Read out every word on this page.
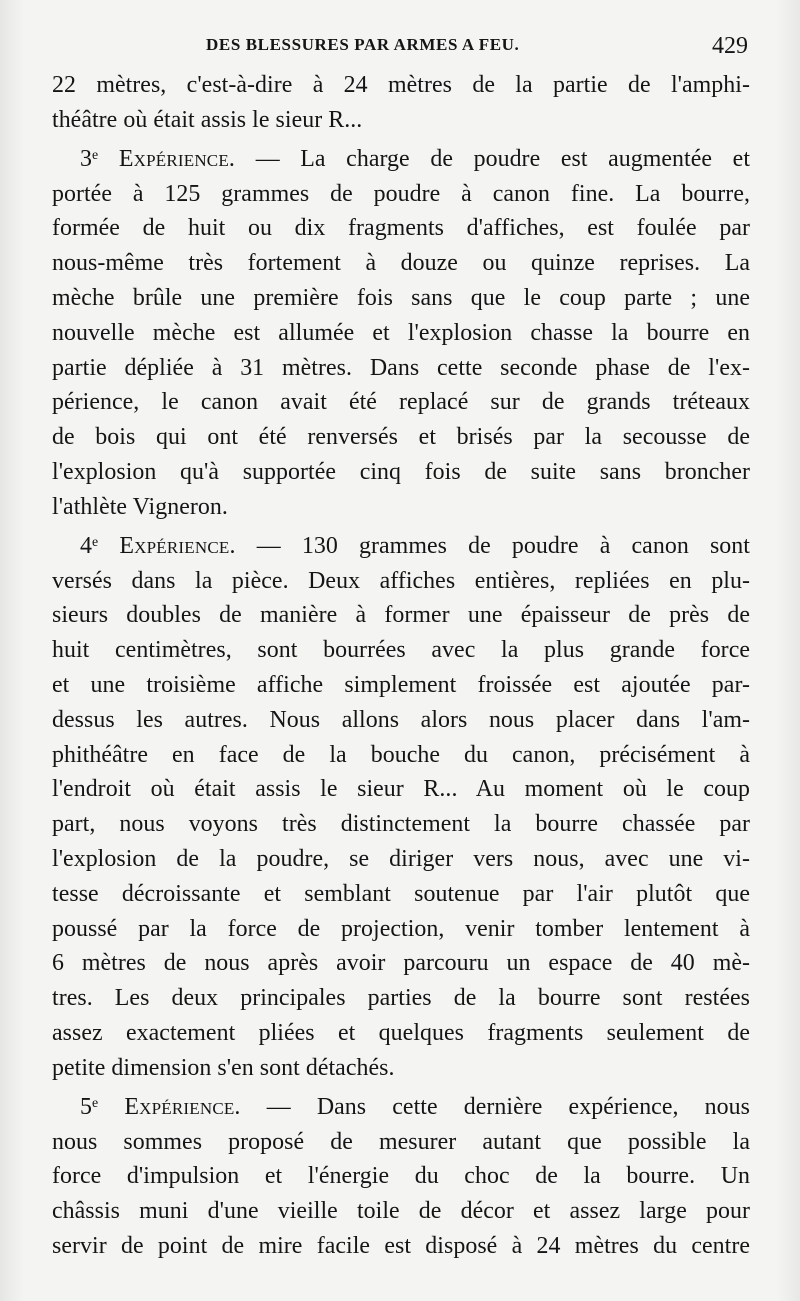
DES BLESSURES PAR ARMES A FEU.	429
22 mètres, c'est-à-dire à 24 mètres de la partie de l'amphi-
théâtre où était assis le sieur R...
3e Expérience. — La charge de poudre est augmentée et
portée à 125 grammes de poudre à canon fine. La bourre,
formée de huit ou dix fragments d'affiches, est foulée par
nous-même très fortement à douze ou quinze reprises. La
mèche brûle une première fois sans que le coup parte ; une
nouvelle mèche est allumée et l'explosion chasse la bourre en
partie dépliée à 31 mètres. Dans cette seconde phase de l'ex-
périence, le canon avait été replacé sur de grands tréteaux
de bois qui ont été renversés et brisés par la secousse de
l'explosion qu'à supportée cinq fois de suite sans broncher
l'athlète Vigneron.
4e Expérience. — 130 grammes de poudre à canon sont
versés dans la pièce. Deux affiches entières, repliées en plu-
sieurs doubles de manière à former une épaisseur de près de
huit centimètres, sont bourrées avec la plus grande force
et une troisième affiche simplement froissée est ajoutée par-
dessus les autres. Nous allons alors nous placer dans l'am-
phithéâtre en face de la bouche du canon, précisément à
l'endroit où était assis le sieur R... Au moment où le coup
part, nous voyons très distinctement la bourre chassée par
l'explosion de la poudre, se diriger vers nous, avec une vi-
tesse décroissante et semblant soutenue par l'air plutôt que
poussé par la force de projection, venir tomber lentement à
6 mètres de nous après avoir parcouru un espace de 40 mè-
tres. Les deux principales parties de la bourre sont restées
assez exactement pliées et quelques fragments seulement de
petite dimension s'en sont détachés.
5e Expérience. — Dans cette dernière expérience, nous
nous sommes proposé de mesurer autant que possible la
force d'impulsion et l'énergie du choc de la bourre. Un
châssis muni d'une vieille toile de décor et assez large pour
servir de point de mire facile est disposé à 24 mètres du centre
